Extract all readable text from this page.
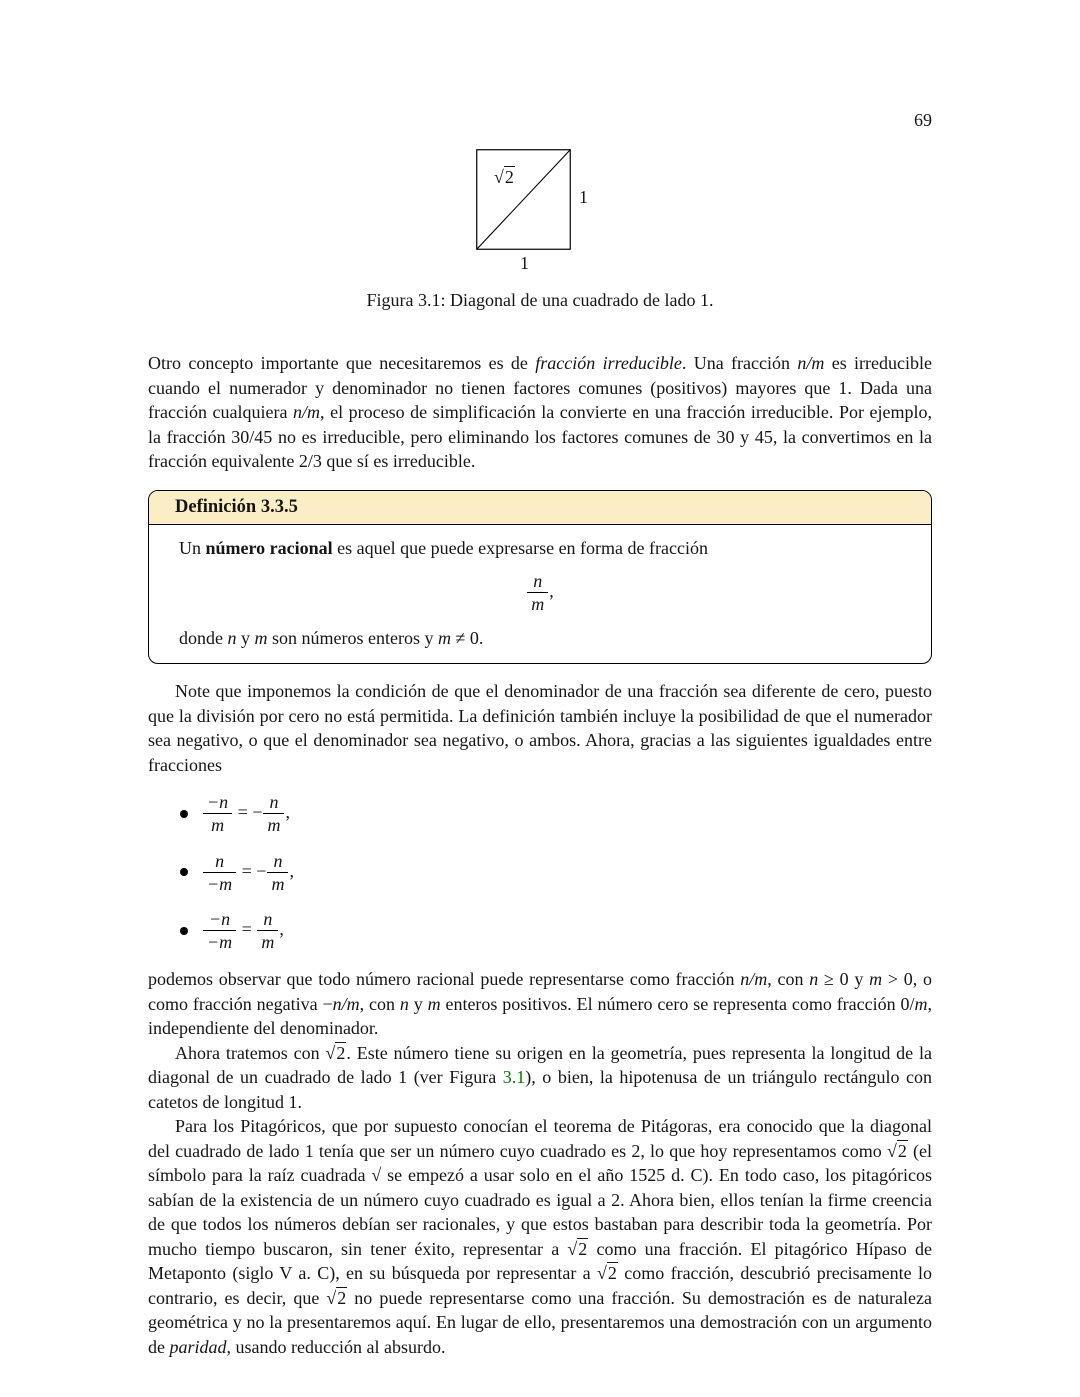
69
√2
1
1
Figura 3.1: Diagonal de una cuadrado de lado 1.

Otro concepto importante que necesitaremos es de fracción irreducible. Una fracción n/m es irreducible cuando el numerador y denominador no tienen factores comunes (positivos) mayores que 1. Dada una fracción cualquiera n/m, el proceso de simplificación la convierte en una fracción irreducible. Por ejemplo, la fracción 30/45 no es irreducible, pero eliminando los factores comunes de 30 y 45, la convertimos en la fracción equivalente 2/3 que sí es irreducible.

Definición 3.3.5
Un número racional es aquel que puede expresarse en forma de fracción
$\frac{n}{m}$ ,
donde n y m son números enteros y m ≠ 0.

Note que imponemos la condición de que el denominador de una fracción sea diferente de cero, puesto que la división por cero no está permitida. La definición también incluye la posibilidad de que el numerador sea negativo, o que el denominador sea negativo, o ambos. Ahora, gracias a las siguientes igualdades entre fracciones

$\frac{-n}{m}$ = − $\frac{n}{m}$ ,
$\frac{n}{-m}$ = − $\frac{n}{m}$ ,
$\frac{-n}{-m} = \frac{n}{m}$ ,

podemos observar que todo número racional puede representarse como fracción n/m, con n ≥ 0 y m > 0, o como fracción negativa −n/m, con n y m enteros positivos. El número cero se representa como fracción 0/m, independiente del denominador.

Ahora tratemos con √2. Este número tiene su origen en la geometría, pues representa la longitud de la diagonal de un cuadrado de lado 1 (ver Figura 3.1), o bien, la hipotenusa de un triángulo rectángulo con catetos de longitud 1.

Para los Pitagóricos, que por supuesto conocían el teorema de Pitágoras, era conocido que la diagonal del cuadrado de lado 1 tenía que ser un número cuyo cuadrado es 2, lo que hoy representamos como √2 (el símbolo para la raíz cuadrada √ se empezó a usar solo en el año 1525 d. C). En todo caso, los pitagóricos sabían de la existencia de un número cuyo cuadrado es igual a 2. Ahora bien, ellos tenían la firme creencia de que todos los números debían ser racionales, y que estos bastaban para describir toda la geometría. Por mucho tiempo buscaron, sin tener éxito, representar a √2 como una fracción. El pitagórico Hípaso de Metaponto (siglo V a. C), en su búsqueda por representar a √2 como fracción, descubrió precisamente lo contrario, es decir, que √2 no puede representarse como una fracción. Su demostración es de naturaleza geométrica y no la presentaremos aquí. En lugar de ello, presentaremos una demostración con un argumento de paridad, usando reducción al absurdo.
